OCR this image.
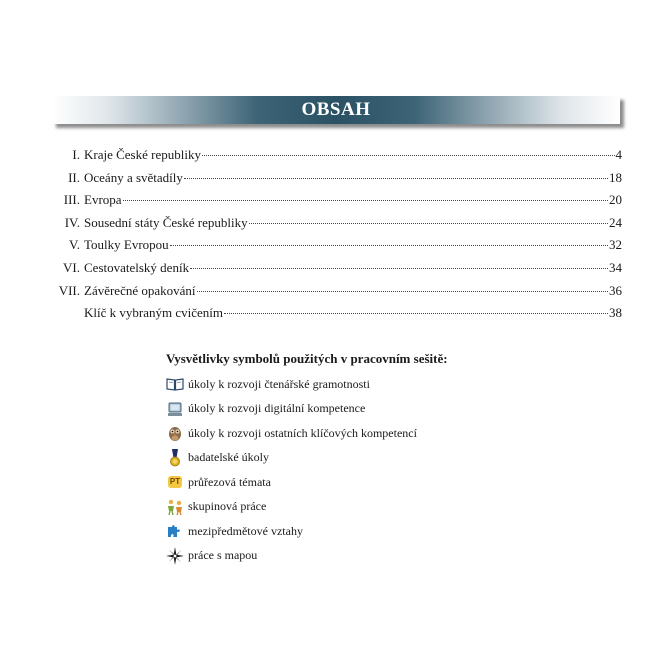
OBSAH
I. Kraje České republiky	4
II. Oceány a světadíly	18
III. Evropa	20
IV. Sousední státy České republiky	24
V. Toulky Evropou	32
VI. Cestovatelský deník	34
VII. Závěrečné opakování	36
Klíč k vybraným cvičením	38
Vysvětlivky symbolů použitých v pracovním sešitě:
úkoly k rozvoji čtenářské gramotnosti
úkoly k rozvoji digitální kompetence
úkoly k rozvoji ostatních klíčových kompetencí
badatelské úkoly
PT průřezová témata
skupinová práce
mezipředmětové vztahy
práce s mapou
